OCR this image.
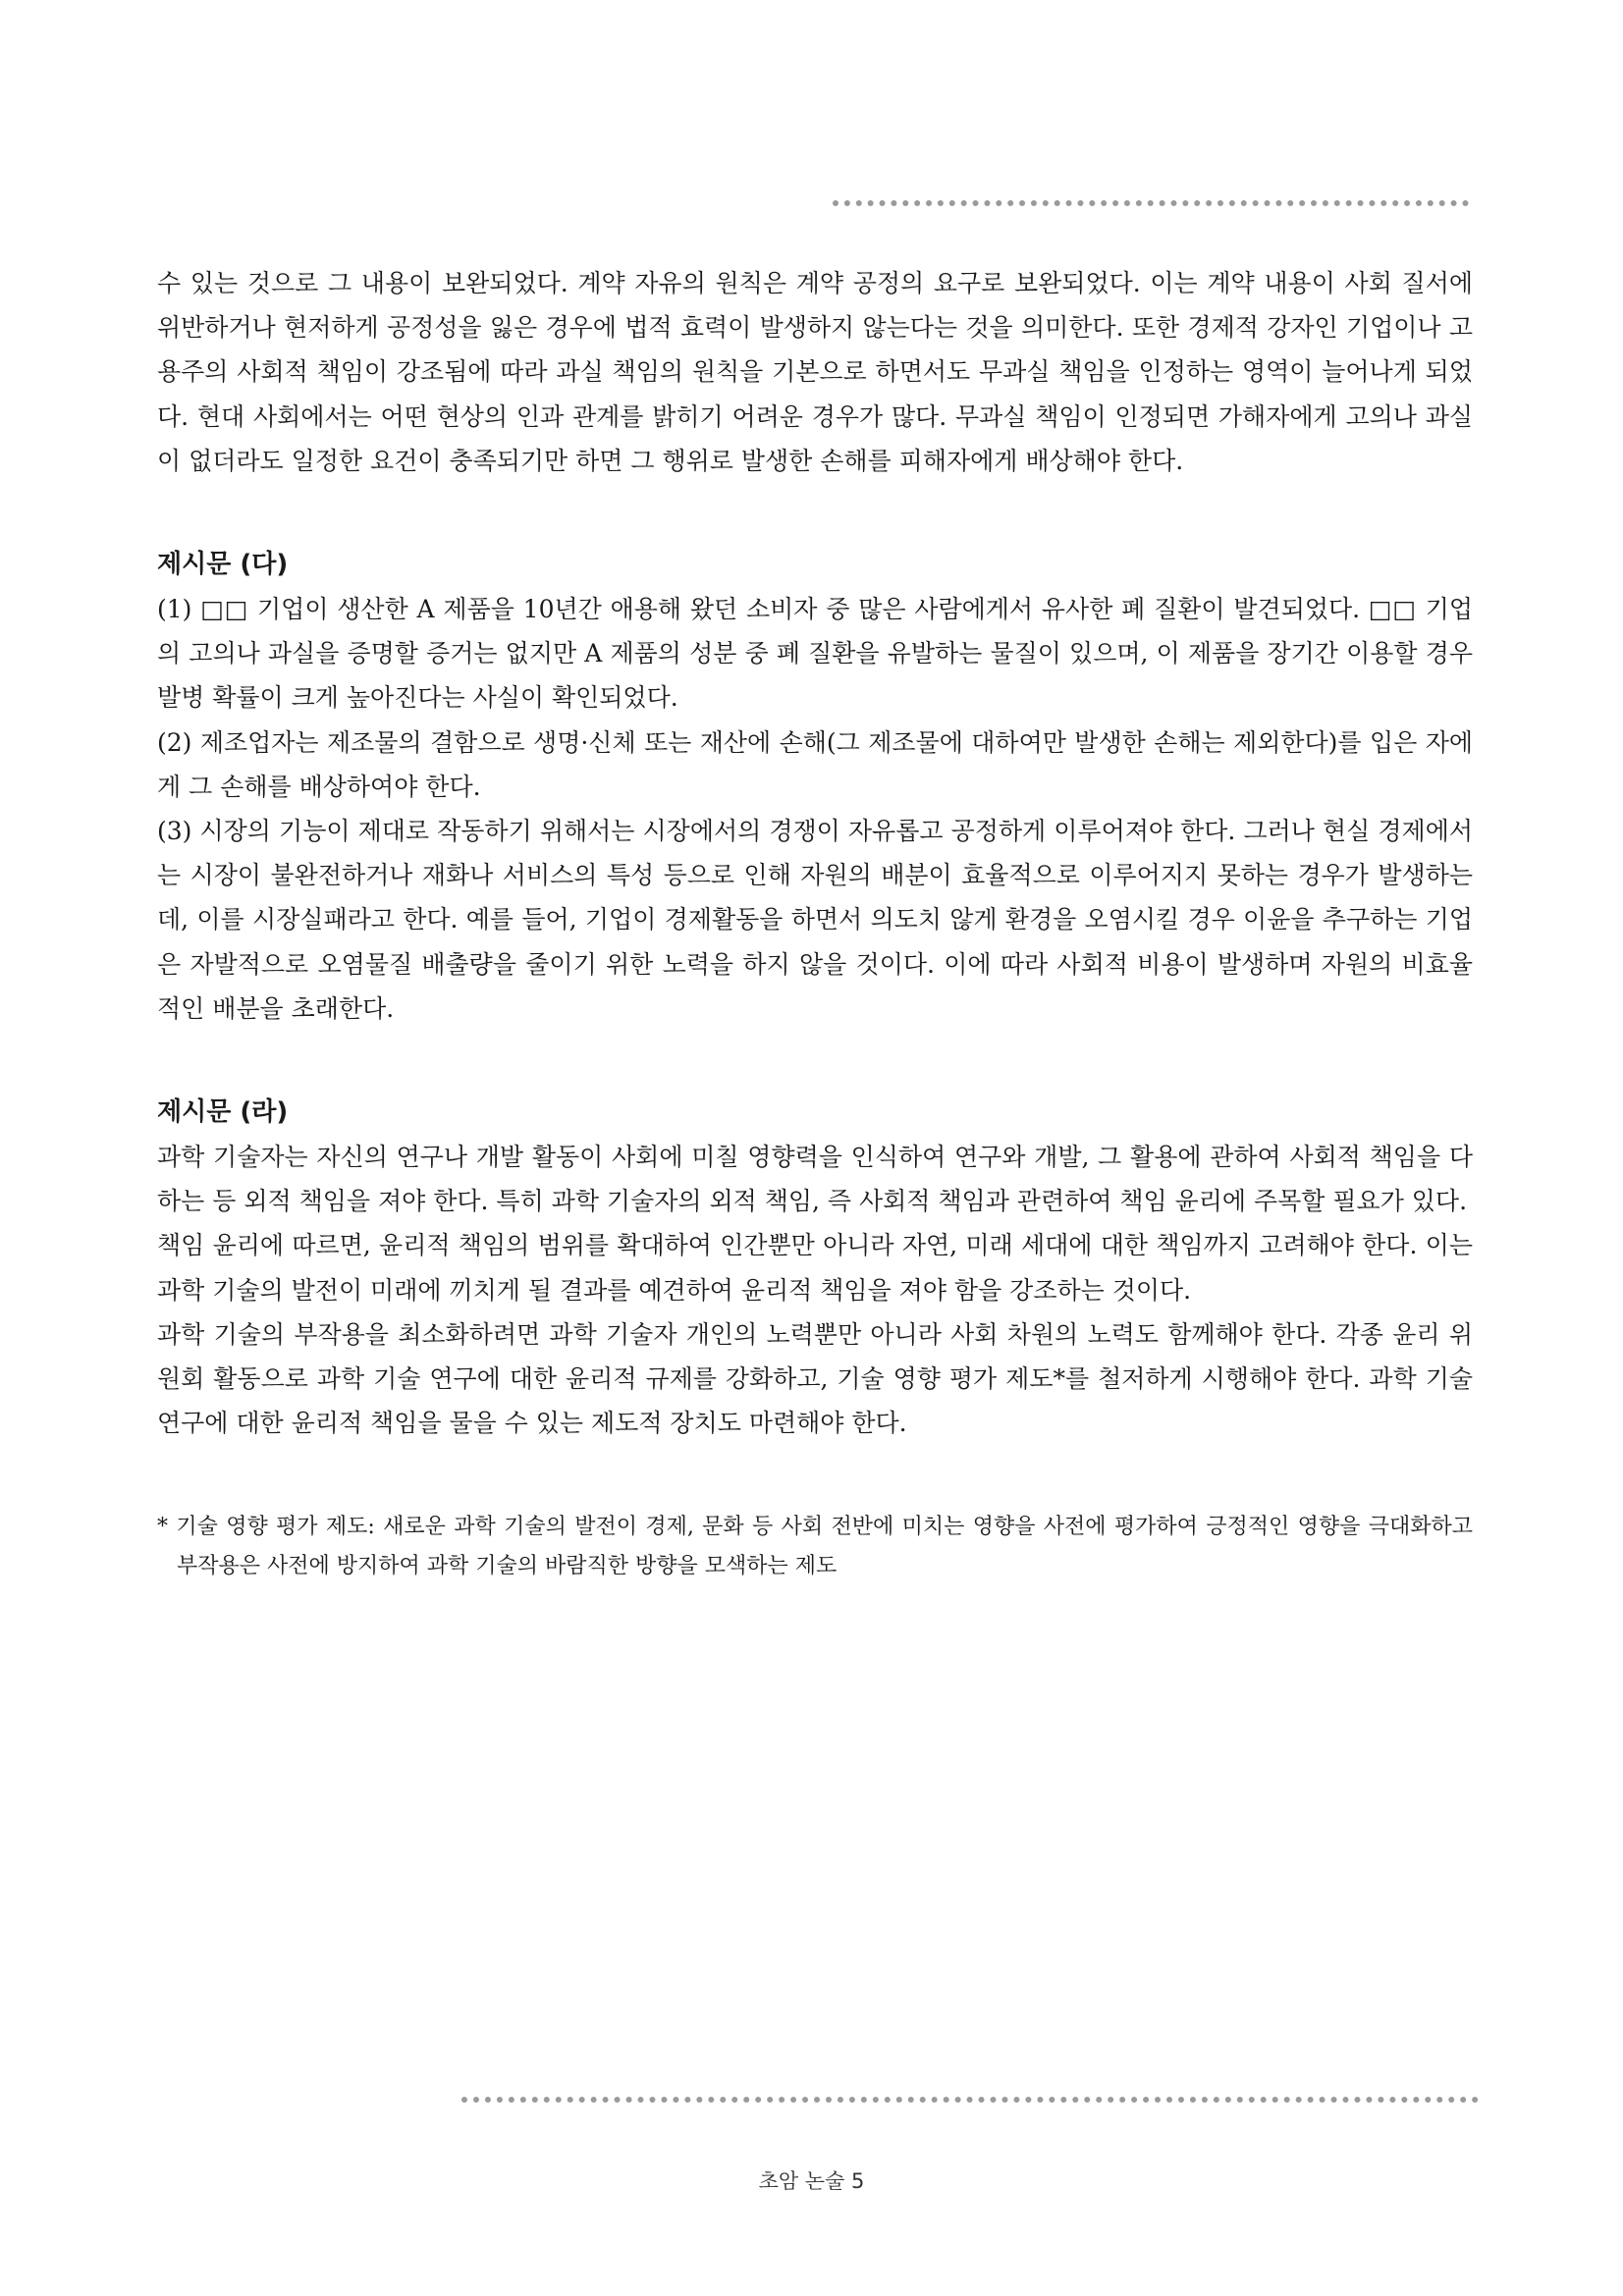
수 있는 것으로 그 내용이 보완되었다. 계약 자유의 원칙은 계약 공정의 요구로 보완되었다. 이는 계약 내용이 사회 질서에 위반하거나 현저하게 공정성을 잃은 경우에 법적 효력이 발생하지 않는다는 것을 의미한다. 또한 경제적 강자인 기업이나 고용주의 사회적 책임이 강조됨에 따라 과실 책임의 원칙을 기본으로 하면서도 무과실 책임을 인정하는 영역이 늘어나게 되었다. 현대 사회에서는 어떤 현상의 인과 관계를 밝히기 어려운 경우가 많다. 무과실 책임이 인정되면 가해자에게 고의나 과실이 없더라도 일정한 요건이 충족되기만 하면 그 행위로 발생한 손해를 피해자에게 배상해야 한다.

제시문 (다)

(1) □□ 기업이 생산한 A 제품을 10년간 애용해 왔던 소비자 중 많은 사람에게서 유사한 폐 질환이 발견되었다. □□ 기업의 고의나 과실을 증명할 증거는 없지만 A 제품의 성분 중 폐 질환을 유발하는 물질이 있으며, 이 제품을 장기간 이용할 경우 발병 확률이 크게 높아진다는 사실이 확인되었다.

(2) 제조업자는 제조물의 결함으로 생명·신체 또는 재산에 손해(그 제조물에 대하여만 발생한 손해는 제외한다)를 입은 자에게 그 손해를 배상하여야 한다.

(3) 시장의 기능이 제대로 작동하기 위해서는 시장에서의 경쟁이 자유롭고 공정하게 이루어져야 한다. 그러나 현실 경제에서는 시장이 불완전하거나 재화나 서비스의 특성 등으로 인해 자원의 배분이 효율적으로 이루어지지 못하는 경우가 발생하는데, 이를 시장실패라고 한다. 예를 들어, 기업이 경제활동을 하면서 의도치 않게 환경을 오염시킬 경우 이윤을 추구하는 기업은 자발적으로 오염물질 배출량을 줄이기 위한 노력을 하지 않을 것이다. 이에 따라 사회적 비용이 발생하며 자원의 비효율적인 배분을 초래한다.

제시문 (라)

과학 기술자는 자신의 연구나 개발 활동이 사회에 미칠 영향력을 인식하여 연구와 개발, 그 활용에 관하여 사회적 책임을 다하는 등 외적 책임을 져야 한다. 특히 과학 기술자의 외적 책임, 즉 사회적 책임과 관련하여 책임 윤리에 주목할 필요가 있다.

책임 윤리에 따르면, 윤리적 책임의 범위를 확대하여 인간뿐만 아니라 자연, 미래 세대에 대한 책임까지 고려해야 한다. 이는 과학 기술의 발전이 미래에 끼치게 될 결과를 예견하여 윤리적 책임을 져야 함을 강조하는 것이다.

과학 기술의 부작용을 최소화하려면 과학 기술자 개인의 노력뿐만 아니라 사회 차원의 노력도 함께해야 한다. 각종 윤리 위원회 활동으로 과학 기술 연구에 대한 윤리적 규제를 강화하고, 기술 영향 평가 제도*를 철저하게 시행해야 한다. 과학 기술 연구에 대한 윤리적 책임을 물을 수 있는 제도적 장치도 마련해야 한다.

* 기술 영향 평가 제도: 새로운 과학 기술의 발전이 경제, 문화 등 사회 전반에 미치는 영향을 사전에 평가하여 긍정적인 영향을 극대화하고 부작용은 사전에 방지하여 과학 기술의 바람직한 방향을 모색하는 제도

초암 논술 5
